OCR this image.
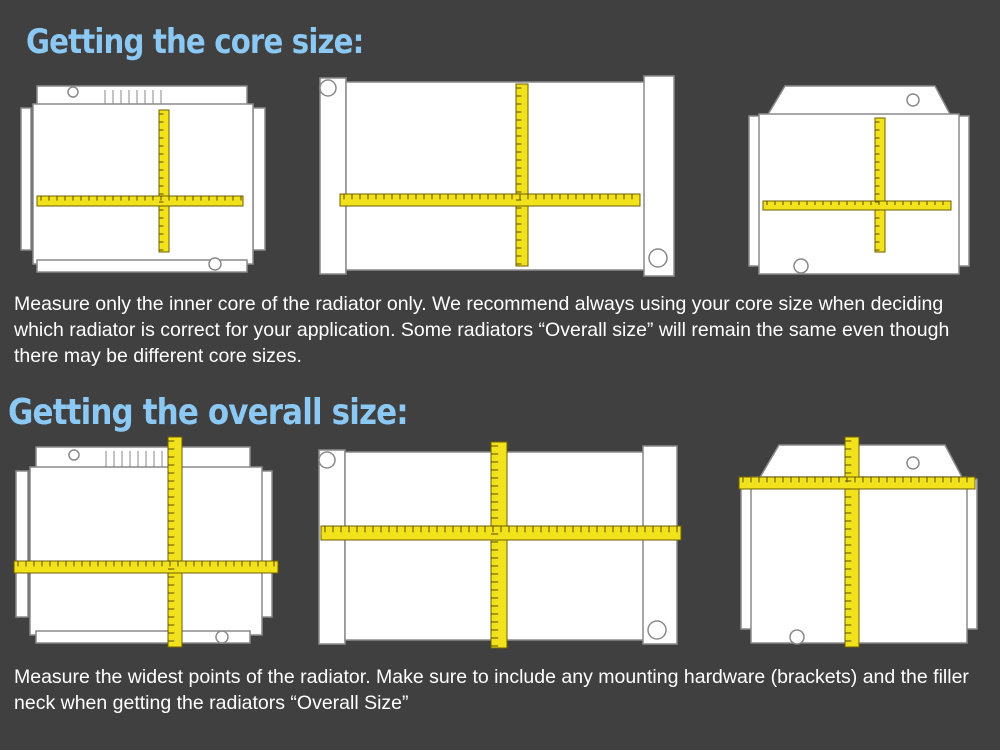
Getting the core size:

Measure only the inner core of the radiator only. We recommend always using your core size when deciding which radiator is correct for your application. Some radiators “Overall size” will remain the same even though there may be different core sizes.

Getting the overall size:

Measure the widest points of the radiator. Make sure to include any mounting hardware (brackets) and the filler neck when getting the radiators “Overall Size”
